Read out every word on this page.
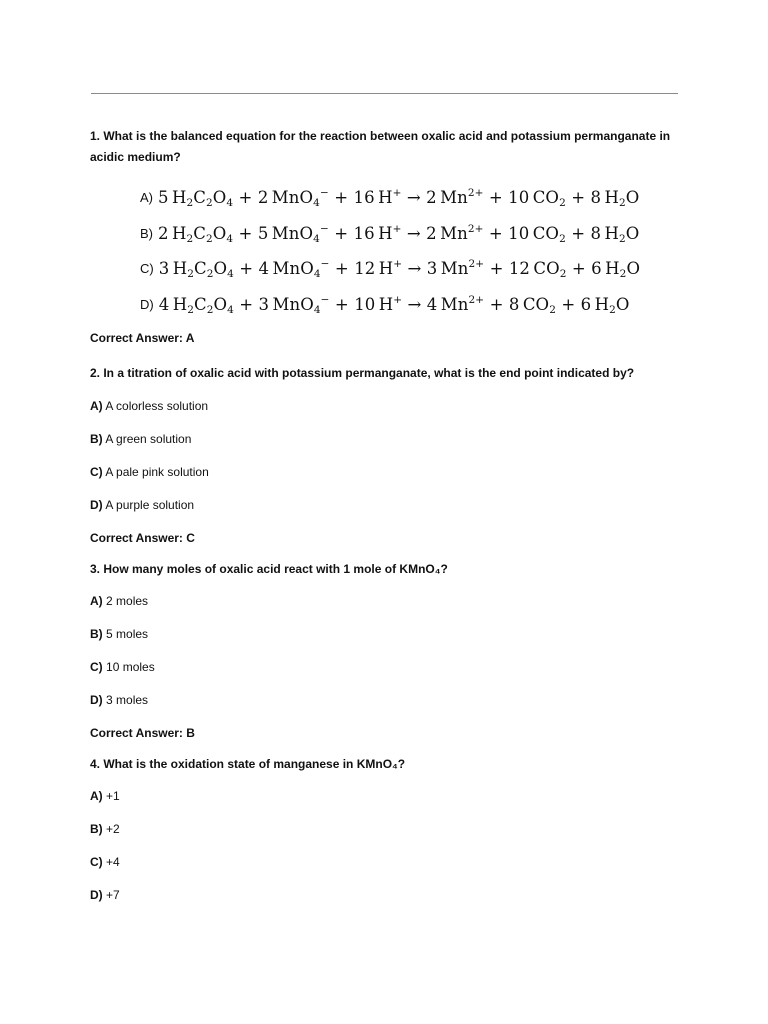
1. What is the balanced equation for the reaction between oxalic acid and potassium permanganate in acidic medium?

A) 5 $H_2C_2O_4 + 2$ MnO$_4$− + 16 H+ → 2 $Mn^{2+} + 10$ $CO_2 + 8$ $H_2O$
B) 2 $H_2C_2O_4 + 5$ MnO$_4$− + 16 H+ → 2 $Mn^{2+} + 10$ $CO_2 + 8$ $H_2O$
C) 3 $H_2C_2O_4 + 4$ MnO$_4$− + 12 H+ → 3 $Mn^{2+} + 12$ $CO_2 + 6$ $H_2O$
D) 4 $H_2C_2O_4 + 3$ MnO$_4$− + 10 H+ → 4 $Mn^{2+} + 8$ $CO_2 + 6$ $H_2O$

Correct Answer: A

2. In a titration of oxalic acid with potassium permanganate, what is the end point indicated by?

A) A colorless solution

B) A green solution

C) A pale pink solution

D) A purple solution

Correct Answer: C

3. How many moles of oxalic acid react with 1 mole of KMnO₄?

A) 2 moles

B) 5 moles

C) 10 moles

D) 3 moles

Correct Answer: B

4. What is the oxidation state of manganese in KMnO₄?

A) +1

B) +2

C) +4

D) +7
